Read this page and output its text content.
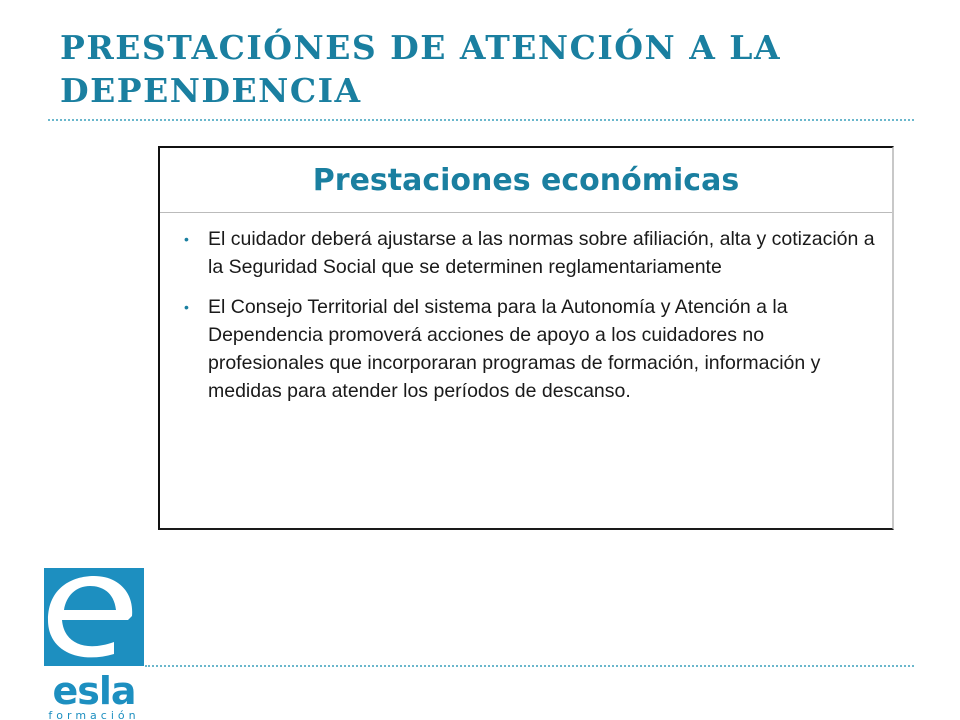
PRESTACIÓNES DE ATENCIÓN A LA DEPENDENCIA
Prestaciones económicas
• El cuidador deberá ajustarse a las normas sobre afiliación, alta y cotización a la Seguridad Social que se determinen reglamentariamente
• El Consejo Territorial del sistema para la Autonomía y Atención a la Dependencia promoverá acciones de apoyo a los cuidadores no profesionales que incorporaran programas de formación, información y medidas para atender los períodos de descanso.
esla
formación
